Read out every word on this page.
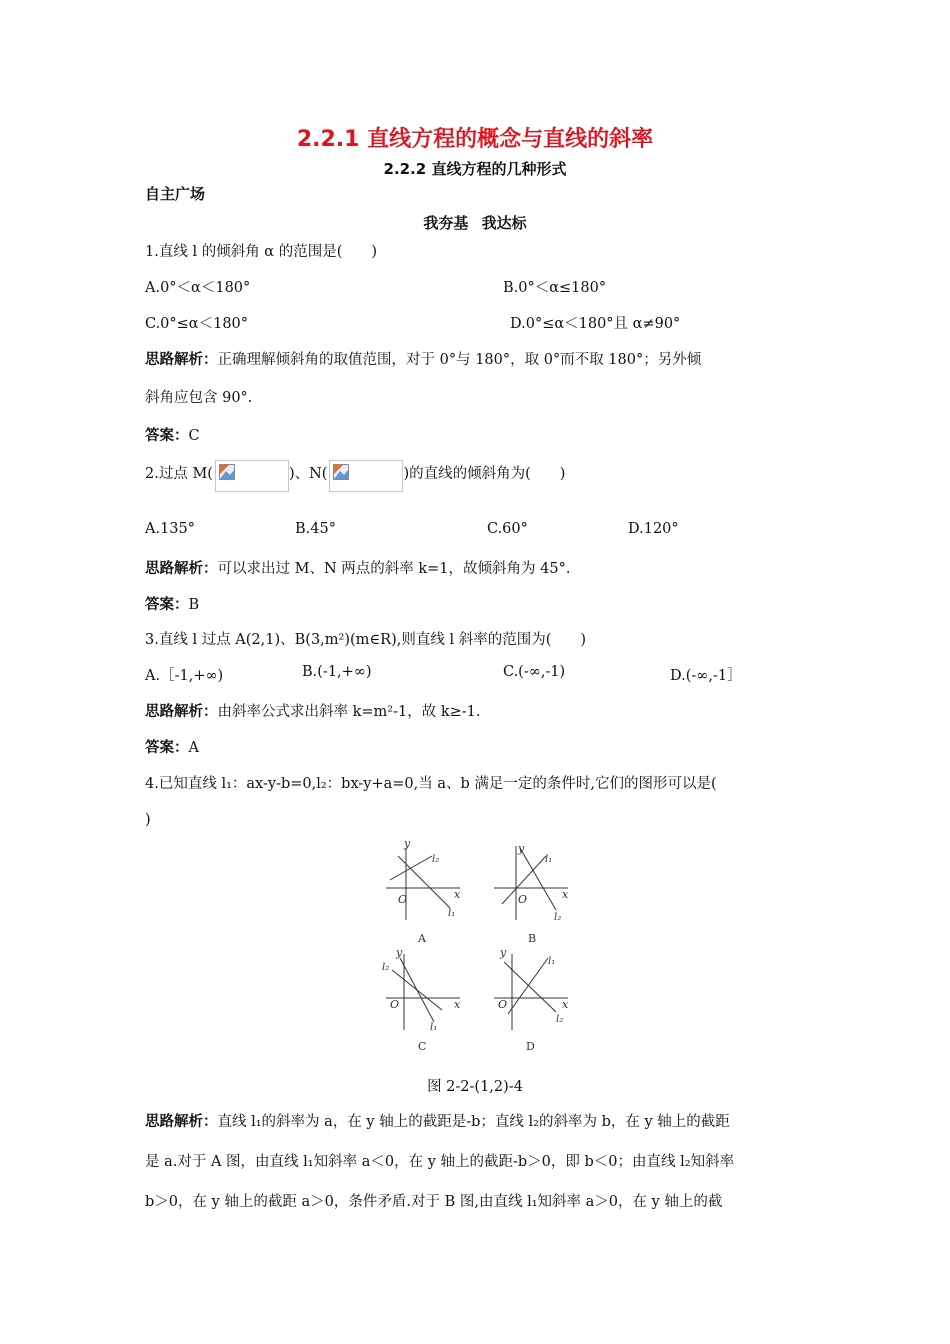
2.2.1 直线方程的概念与直线的斜率
2.2.2 直线方程的几种形式
自主广场
我夯基 我达标
1.直线 l 的倾斜角 α 的范围是(　　)
A.0°＜α＜180°	B.0°＜α≤180°
C.0°≤α＜180°	D.0°≤α＜180°且 α≠90°
思路解析：正确理解倾斜角的取值范围，对于 0°与 180°，取 0°而不取 180°；另外倾
斜角应包含 90°.
答案：C
2.过点 M(	)、N(	)的直线的倾斜角为(　　)
A.135°	B.45°	C.60°	D.120°
思路解析：可以求出过 M、N 两点的斜率 k=1，故倾斜角为 45°.
答案：B
3.直线 l 过点 A(2,1)、B(3,m²)(m∈R),则直线 l 斜率的范围为(　　)
A.［-1,+∞)	B.(-1,+∞)	C.(-∞,-1)	D.(-∞,-1］
思路解析：由斜率公式求出斜率 k=m²-1，故 k≥-1.
答案：A
4.已知直线 l₁：ax-y-b=0,l₂：bx-y+a=0,当 a、b 满足一定的条件时,它们的图形可以是(
)
y
x
O
l₂
l₁
A
y
x
O
l₁
l₂
B
y
x
O
l₂
l₁
C
y
x
O
l₁
l₂
D
图 2-2-(1,2)-4
思路解析：直线 l₁的斜率为 a，在 y 轴上的截距是-b；直线 l₂的斜率为 b，在 y 轴上的截距
是 a.对于 A 图，由直线 l₁知斜率 a＜0，在 y 轴上的截距-b＞0，即 b＜0；由直线 l₂知斜率
b＞0，在 y 轴上的截距 a＞0，条件矛盾.对于 B 图,由直线 l₁知斜率 a＞0，在 y 轴上的截
